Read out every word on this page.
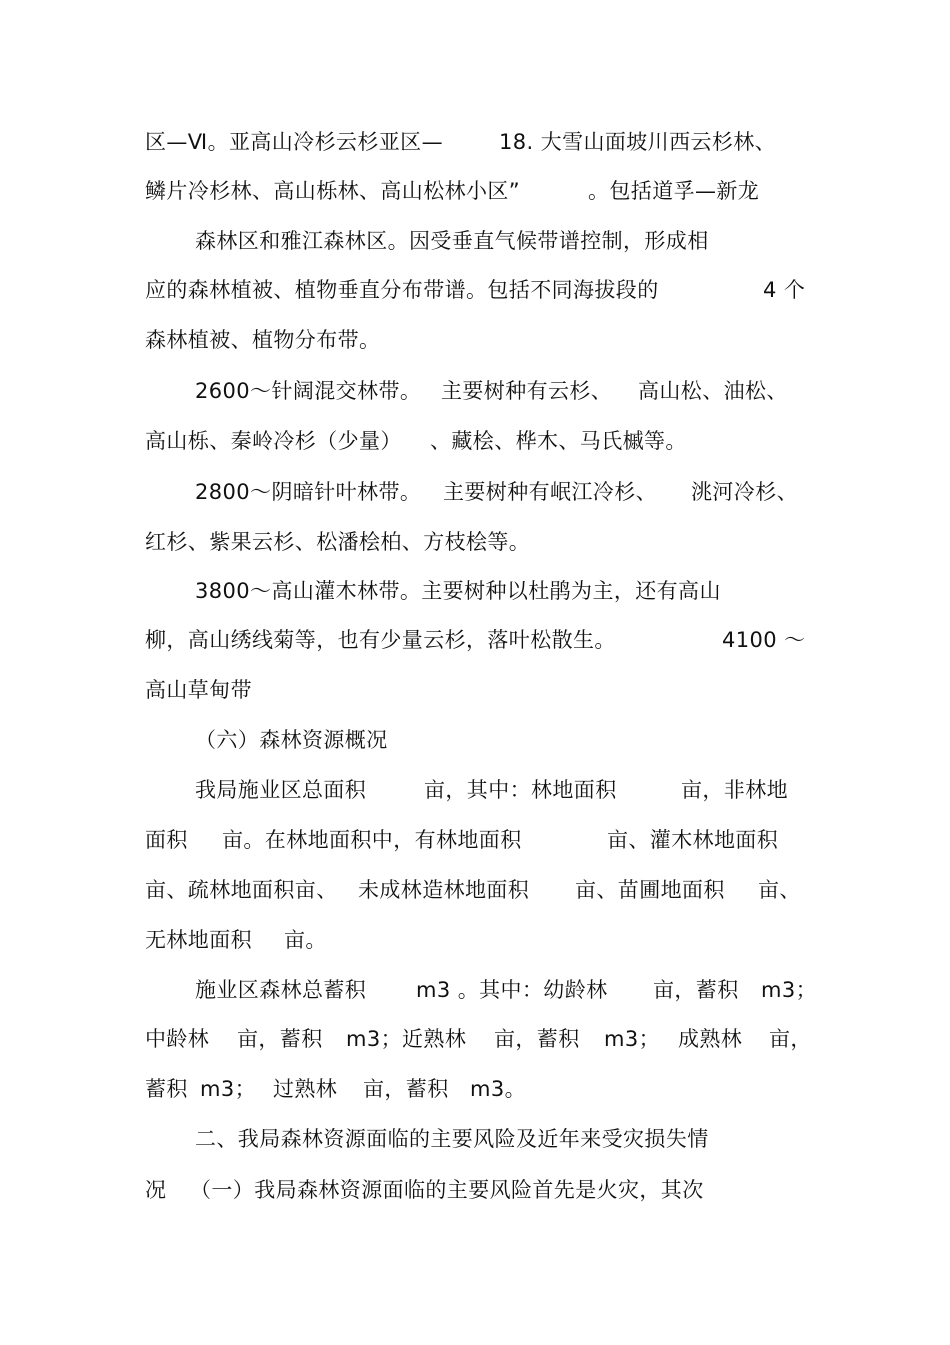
区—Ⅵ。亚高山冷杉云杉亚区—

	18. 大雪山面坡川西云杉林、

鳞片冷杉林、高山栎林、高山松林小区”

	。包括道孚—新龙

森林区和雅江森林区。因受垂直气候带谱控制，形成相

应的森林植被、植物垂直分布带谱。包括不同海拔段的

	4 个

森林植被、植物分布带。

2600～针阔混交林带。

主要树种有云杉、

高山松、油松、

高山栎、秦岭冷杉（少量）

、藏桧、桦木、马氏槭等。

2800～阴暗针叶林带。

主要树种有岷江冷杉、

洮河冷杉、

红杉、紫果云杉、松潘桧柏、方枝桧等。

3800～高山灌木林带。主要树种以杜鹃为主，还有高山

柳，高山绣线菊等，也有少量云杉，落叶松散生。

	4100 ～

高山草甸带

（六）森林资源概况

我局施业区总面积

	亩，其中：林地面积

	亩，非林地

面积

亩。在林地面积中，有林地面积

	亩、灌木林地面积

亩、疏林地面积亩、

未成林造林地面积

亩、苗圃地面积

亩、

无林地面积

亩。

施业区森林总蓄积

m3 。其中：幼龄林

亩，蓄积

m3；

中龄林

亩，蓄积

m3；近熟林

亩，蓄积

m3；

成熟林

亩，

蓄积

m3；

过熟林

亩，蓄积

m3。

二、我局森林资源面临的主要风险及近年来受灾损失情

况

（一）我局森林资源面临的主要风险首先是火灾，其次
